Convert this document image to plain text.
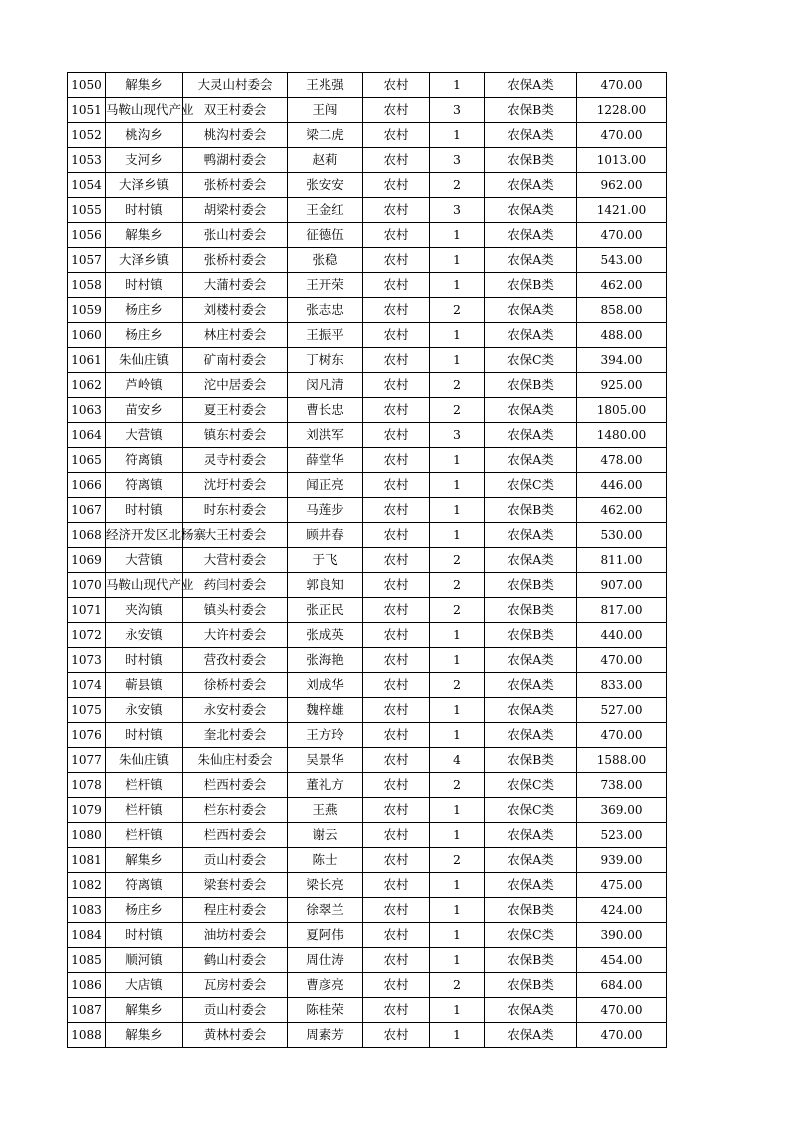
1050	解集乡	大灵山村委会	王兆强	农村	1	农保A类	470.00
1051	马鞍山现代产业	双王村委会	王闯	农村	3	农保B类	1228.00
1052	桃沟乡	桃沟村委会	梁二虎	农村	1	农保A类	470.00
1053	支河乡	鸭湖村委会	赵莉	农村	3	农保B类	1013.00
1054	大泽乡镇	张桥村委会	张安安	农村	2	农保A类	962.00
1055	时村镇	胡梁村委会	王金红	农村	3	农保A类	1421.00
1056	解集乡	张山村委会	征德伍	农村	1	农保A类	470.00
1057	大泽乡镇	张桥村委会	张稳	农村	1	农保A类	543.00
1058	时村镇	大蒲村委会	王开荣	农村	1	农保B类	462.00
1059	杨庄乡	刘楼村委会	张志忠	农村	2	农保A类	858.00
1060	杨庄乡	林庄村委会	王振平	农村	1	农保A类	488.00
1061	朱仙庄镇	矿南村委会	丁树东	农村	1	农保C类	394.00
1062	芦岭镇	沱中居委会	闵凡清	农村	2	农保B类	925.00
1063	苗安乡	夏王村委会	曹长忠	农村	2	农保A类	1805.00
1064	大营镇	镇东村委会	刘洪军	农村	3	农保A类	1480.00
1065	符离镇	灵寺村委会	薛堂华	农村	1	农保A类	478.00
1066	符离镇	沈圩村委会	闻正亮	农村	1	农保C类	446.00
1067	时村镇	时东村委会	马莲步	农村	1	农保B类	462.00
1068	经济开发区北杨寨	大王村委会	顾井春	农村	1	农保A类	530.00
1069	大营镇	大营村委会	于飞	农村	2	农保A类	811.00
1070	马鞍山现代产业	药闫村委会	郭良知	农村	2	农保B类	907.00
1071	夹沟镇	镇头村委会	张正民	农村	2	农保B类	817.00
1072	永安镇	大许村委会	张成英	农村	1	农保B类	440.00
1073	时村镇	营孜村委会	张海艳	农村	1	农保A类	470.00
1074	蕲县镇	徐桥村委会	刘成华	农村	2	农保A类	833.00
1075	永安镇	永安村委会	魏梓雄	农村	1	农保A类	527.00
1076	时村镇	奎北村委会	王方玲	农村	1	农保A类	470.00
1077	朱仙庄镇	朱仙庄村委会	吴景华	农村	4	农保B类	1588.00
1078	栏杆镇	栏西村委会	董礼方	农村	2	农保C类	738.00
1079	栏杆镇	栏东村委会	王燕	农村	1	农保C类	369.00
1080	栏杆镇	栏西村委会	谢云	农村	1	农保A类	523.00
1081	解集乡	贡山村委会	陈士	农村	2	农保A类	939.00
1082	符离镇	梁套村委会	梁长亮	农村	1	农保A类	475.00
1083	杨庄乡	程庄村委会	徐翠兰	农村	1	农保B类	424.00
1084	时村镇	油坊村委会	夏阿伟	农村	1	农保C类	390.00
1085	顺河镇	鹤山村委会	周仕涛	农村	1	农保B类	454.00
1086	大店镇	瓦房村委会	曹彦亮	农村	2	农保B类	684.00
1087	解集乡	贡山村委会	陈桂荣	农村	1	农保A类	470.00
1088	解集乡	黄林村委会	周素芳	农村	1	农保A类	470.00
